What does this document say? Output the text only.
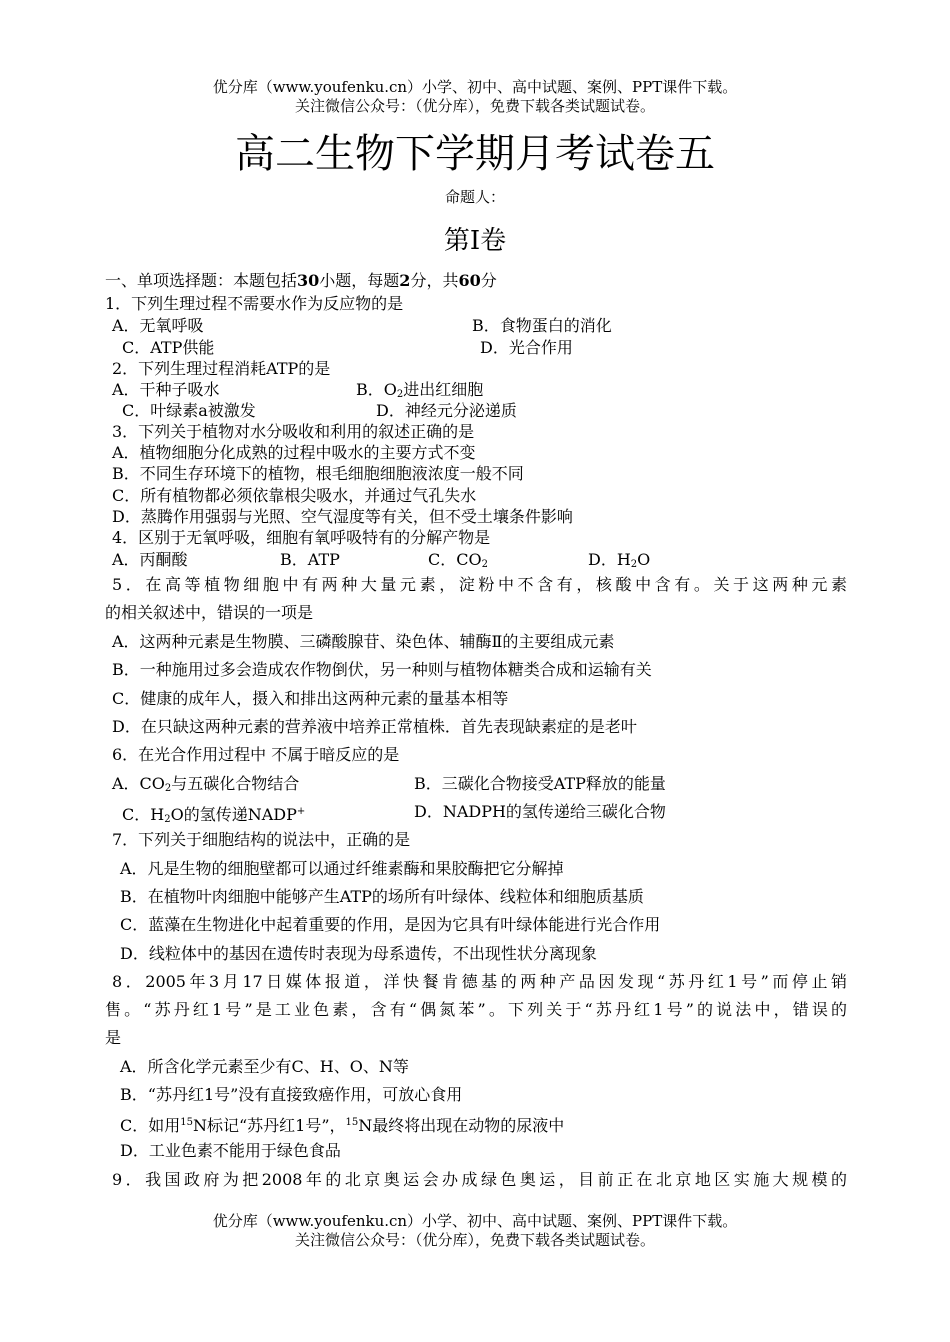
优分库（www.youfenku.cn）小学、初中、高中试题、案例、PPT课件下载。
关注微信公众号：（优分库），免费下载各类试题试卷。
高二生物下学期月考试卷五
命题人：
第Ⅰ卷
一、单项选择题：本题包括30小题，每题2分，共60分
1．下列生理过程不需要水作为反应物的是
A．无氧呼吸	B．食物蛋白的消化
C．ATP供能	D．光合作用
2．下列生理过程消耗ATP的是
A．干种子吸水	B．$O_2$进出红细胞
C．叶绿素a被激发	D．神经元分泌递质
3．下列关于植物对水分吸收和利用的叙述正确的是
A．植物细胞分化成熟的过程中吸水的主要方式不变
B．不同生存环境下的植物，根毛细胞细胞液浓度一般不同
C．所有植物都必须依靠根尖吸水，并通过气孔失水
D．蒸腾作用强弱与光照、空气湿度等有关，但不受土壤条件影响
4．区别于无氧呼吸，细胞有氧呼吸特有的分解产物是
A．丙酮酸	B．ATP	C．$CO_2$	D．$H_2O$
5．在高等植物细胞中有两种大量元素，淀粉中不含有，核酸中含有。关于这两种元素
的相关叙述中，错误的一项是
A．这两种元素是生物膜、三磷酸腺苷、染色体、辅酶Ⅱ的主要组成元素
B．一种施用过多会造成农作物倒伏，另一种则与植物体糖类合成和运输有关
C．健康的成年人，摄入和排出这两种元素的量基本相等
D．在只缺这两种元素的营养液中培养正常植株．首先表现缺素症的是老叶
6．在光合作用过程中 不属于暗反应的是
A．$CO_2$与五碳化合物结合	B．三碳化合物接受ATP释放的能量
C．$H_2O$的氢传递NADP+	D．NADPH的氢传递给三碳化合物
7．下列关于细胞结构的说法中，正确的是
A．凡是生物的细胞壁都可以通过纤维素酶和果胶酶把它分解掉
B．在植物叶肉细胞中能够产生ATP的场所有叶绿体、线粒体和细胞质基质
C．蓝藻在生物进化中起着重要的作用，是因为它具有叶绿体能进行光合作用
D．线粒体中的基因在遗传时表现为母系遗传，不出现性状分离现象
8．2005年3月17日媒体报道，洋快餐肯德基的两种产品因发现“苏丹红1号”而停止销
售。“苏丹红1号”是工业色素，含有“偶氮苯”。下列关于“苏丹红1号”的说法中，错误的
是
A．所含化学元素至少有C、H、O、N等
B．“苏丹红1号”没有直接致癌作用，可放心食用
C．如用$^{15}$N标记“苏丹红1号”，$^{15}$N最终将出现在动物的尿液中
D．工业色素不能用于绿色食品
9．我国政府为把2008年的北京奥运会办成绿色奥运，目前正在北京地区实施大规模的
优分库（www.youfenku.cn）小学、初中、高中试题、案例、PPT课件下载。
关注微信公众号：（优分库），免费下载各类试题试卷。
